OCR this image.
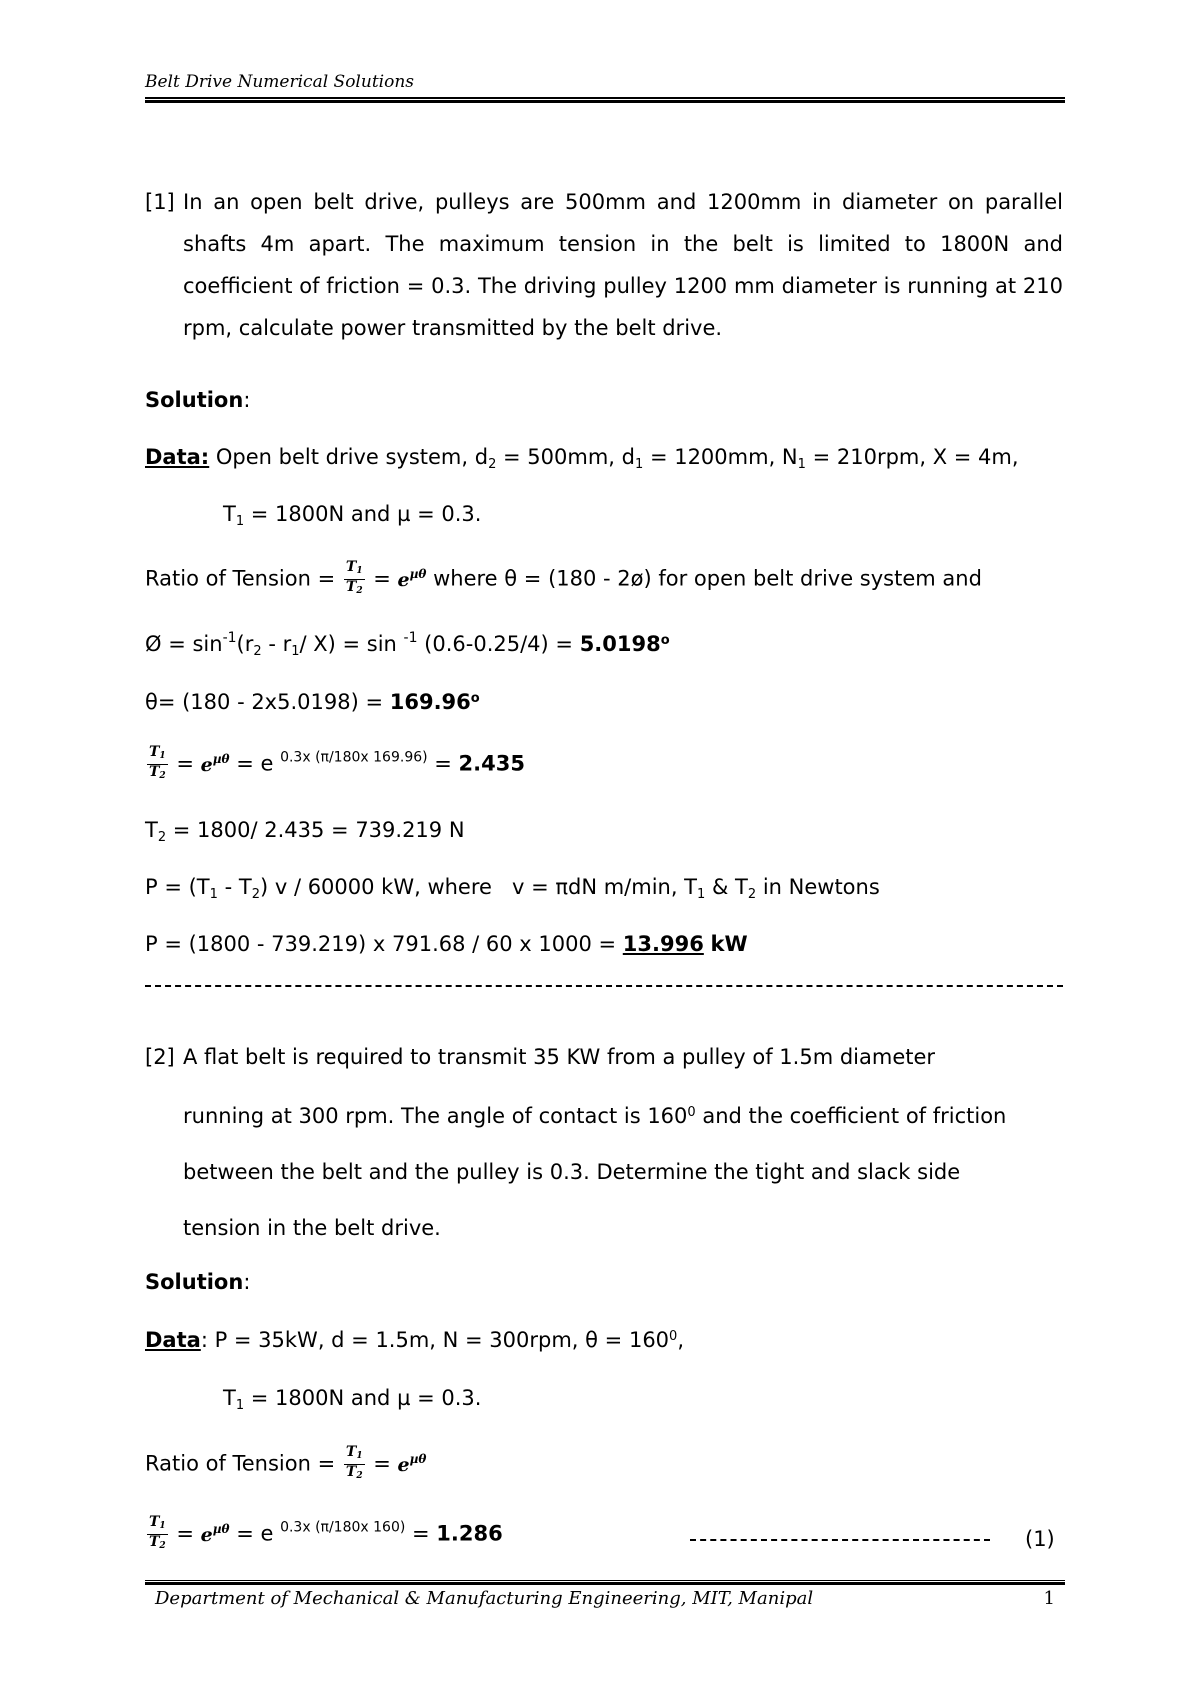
Belt Drive Numerical Solutions
[1] In an open belt drive, pulleys are 500mm and 1200mm in diameter on parallel shafts 4m apart. The maximum tension in the belt is limited to 1800N and coefficient of friction = 0.3. The driving pulley 1200 mm diameter is running at 210 rpm, calculate power transmitted by the belt drive.
Solution:
Data: Open belt drive system, $d_2 = 500mm$, $d_1 = 1200mm$, $N_1 = 210rpm$, X = 4m,
$T_1 = 1800N$ and µ = 0.3.
Ratio of Tension = $\frac{T_1}{T_2} = e^{\mu\theta}$ where θ = (180 - 2ø) for open belt drive system and
Ø = $\sin^{-1}(r_2 - r_1/$ X) = sin $^{-1}$ $(0.6-0.25/4) = 5.0198^o$
$\theta= (180 - 2x5.0198) = 169.96^o$
$\frac{T_1}{T_2} = e^{\mu\theta} = e$ $^{0.3x (\pi/180x 169.96)}$ = 2.435
$T_2 = 1800/$ 2.435 = 739.219 N
$P = (T_1 - T_2)$ v / 60000 kW, where   v = πdN m/min, $T_1$ & $T_2$ in Newtons
P = (1800 - 739.219) x 791.68 / 60 x 1000 = 13.996 kW
[2] A flat belt is required to transmit 35 KW from a pulley of 1.5m diameter
running at 300 rpm. The angle of contact is $160^0$ and the coefficient of friction
between the belt and the pulley is 0.3. Determine the tight and slack side
tension in the belt drive.
Solution:
Data: P = 35kW, d = 1.5m, N = 300rpm, $\theta = 160^0$,
$T_1 = 1800N$ and µ = 0.3.
Ratio of Tension = $\frac{T_1}{T_2} = e^{\mu\theta}$
$\frac{T_1}{T_2} = e^{\mu\theta} = e$ $^{0.3x (\pi/180x 160)}$ = 1.286	(1)
Department of Mechanical & Manufacturing Engineering, MIT, Manipal	1
